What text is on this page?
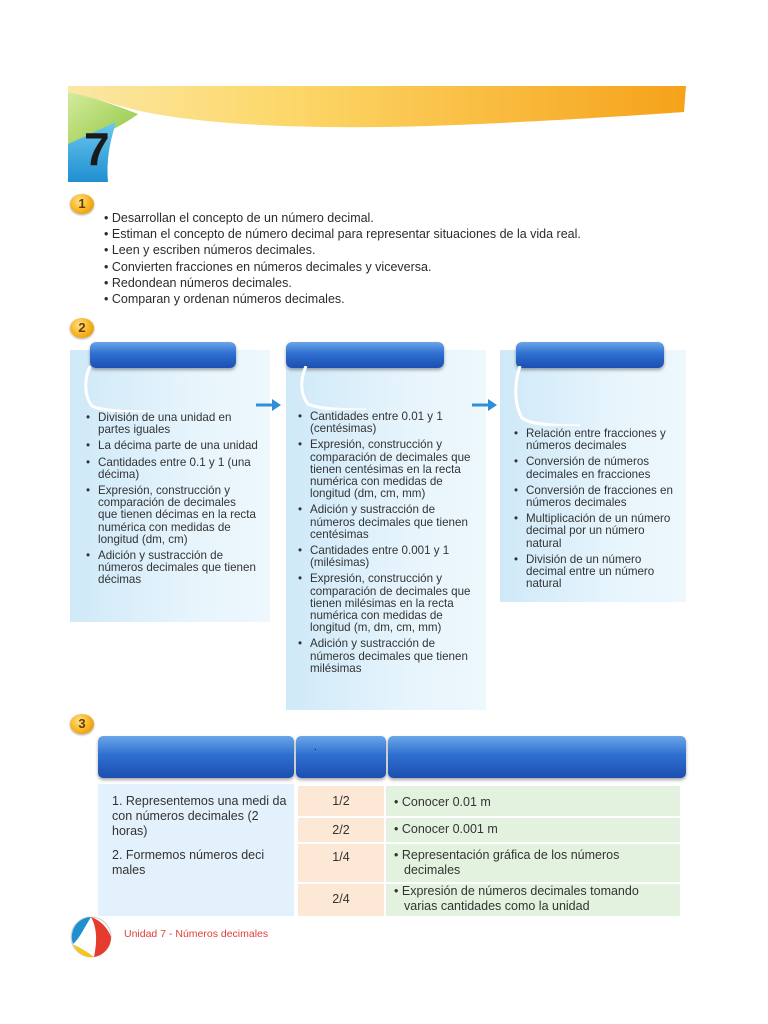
7
1
• Desarrollan el concepto de un número decimal.
• Estiman el concepto de número decimal para representar situaciones de la vida real.
• Leen y escriben números decimales.
• Convierten fracciones en números decimales y viceversa.
• Redondean números decimales.
• Comparan y ordenan números decimales.
2
• División de una unidad en partes iguales
• La décima parte de una unidad
• Cantidades entre 0.1 y 1 (una décima)
• Expresión, construcción y comparación de decimales que tienen décimas en la recta numérica con medidas de longitud (dm, cm)
• Adición y sustracción de números decimales que tienen décimas
• Cantidades entre 0.01 y 1 (centésimas)
• Expresión, construcción y comparación de decimales que tienen centésimas en la recta numérica con medidas de longitud (dm, cm, mm)
• Adición y sustracción de números decimales que tienen centésimas
• Cantidades entre 0.001 y 1 (milésimas)
• Expresión, construcción y comparación de decimales que tienen milésimas en la recta numérica con medidas de longitud (m, dm, cm, mm)
• Adición y sustracción de números decimales que tienen milésimas
• Relación entre fracciones y números decimales
• Conversión de números decimales en fracciones
• Conversión de fracciones en números decimales
• Multiplicación de un número decimal por un número natural
• División de un número decimal entre un número natural
3
.
1. Representemos una medi da con números decimales (2 horas)
2. Formemos números deci males
1/2
2/2
1/4
2/4
• Conocer 0.01 m
• Conocer 0.001 m
• Representación gráfica de los números decimales
• Expresión de números decimales tomando varias cantidades como la unidad
Unidad 7 - Números decimales
